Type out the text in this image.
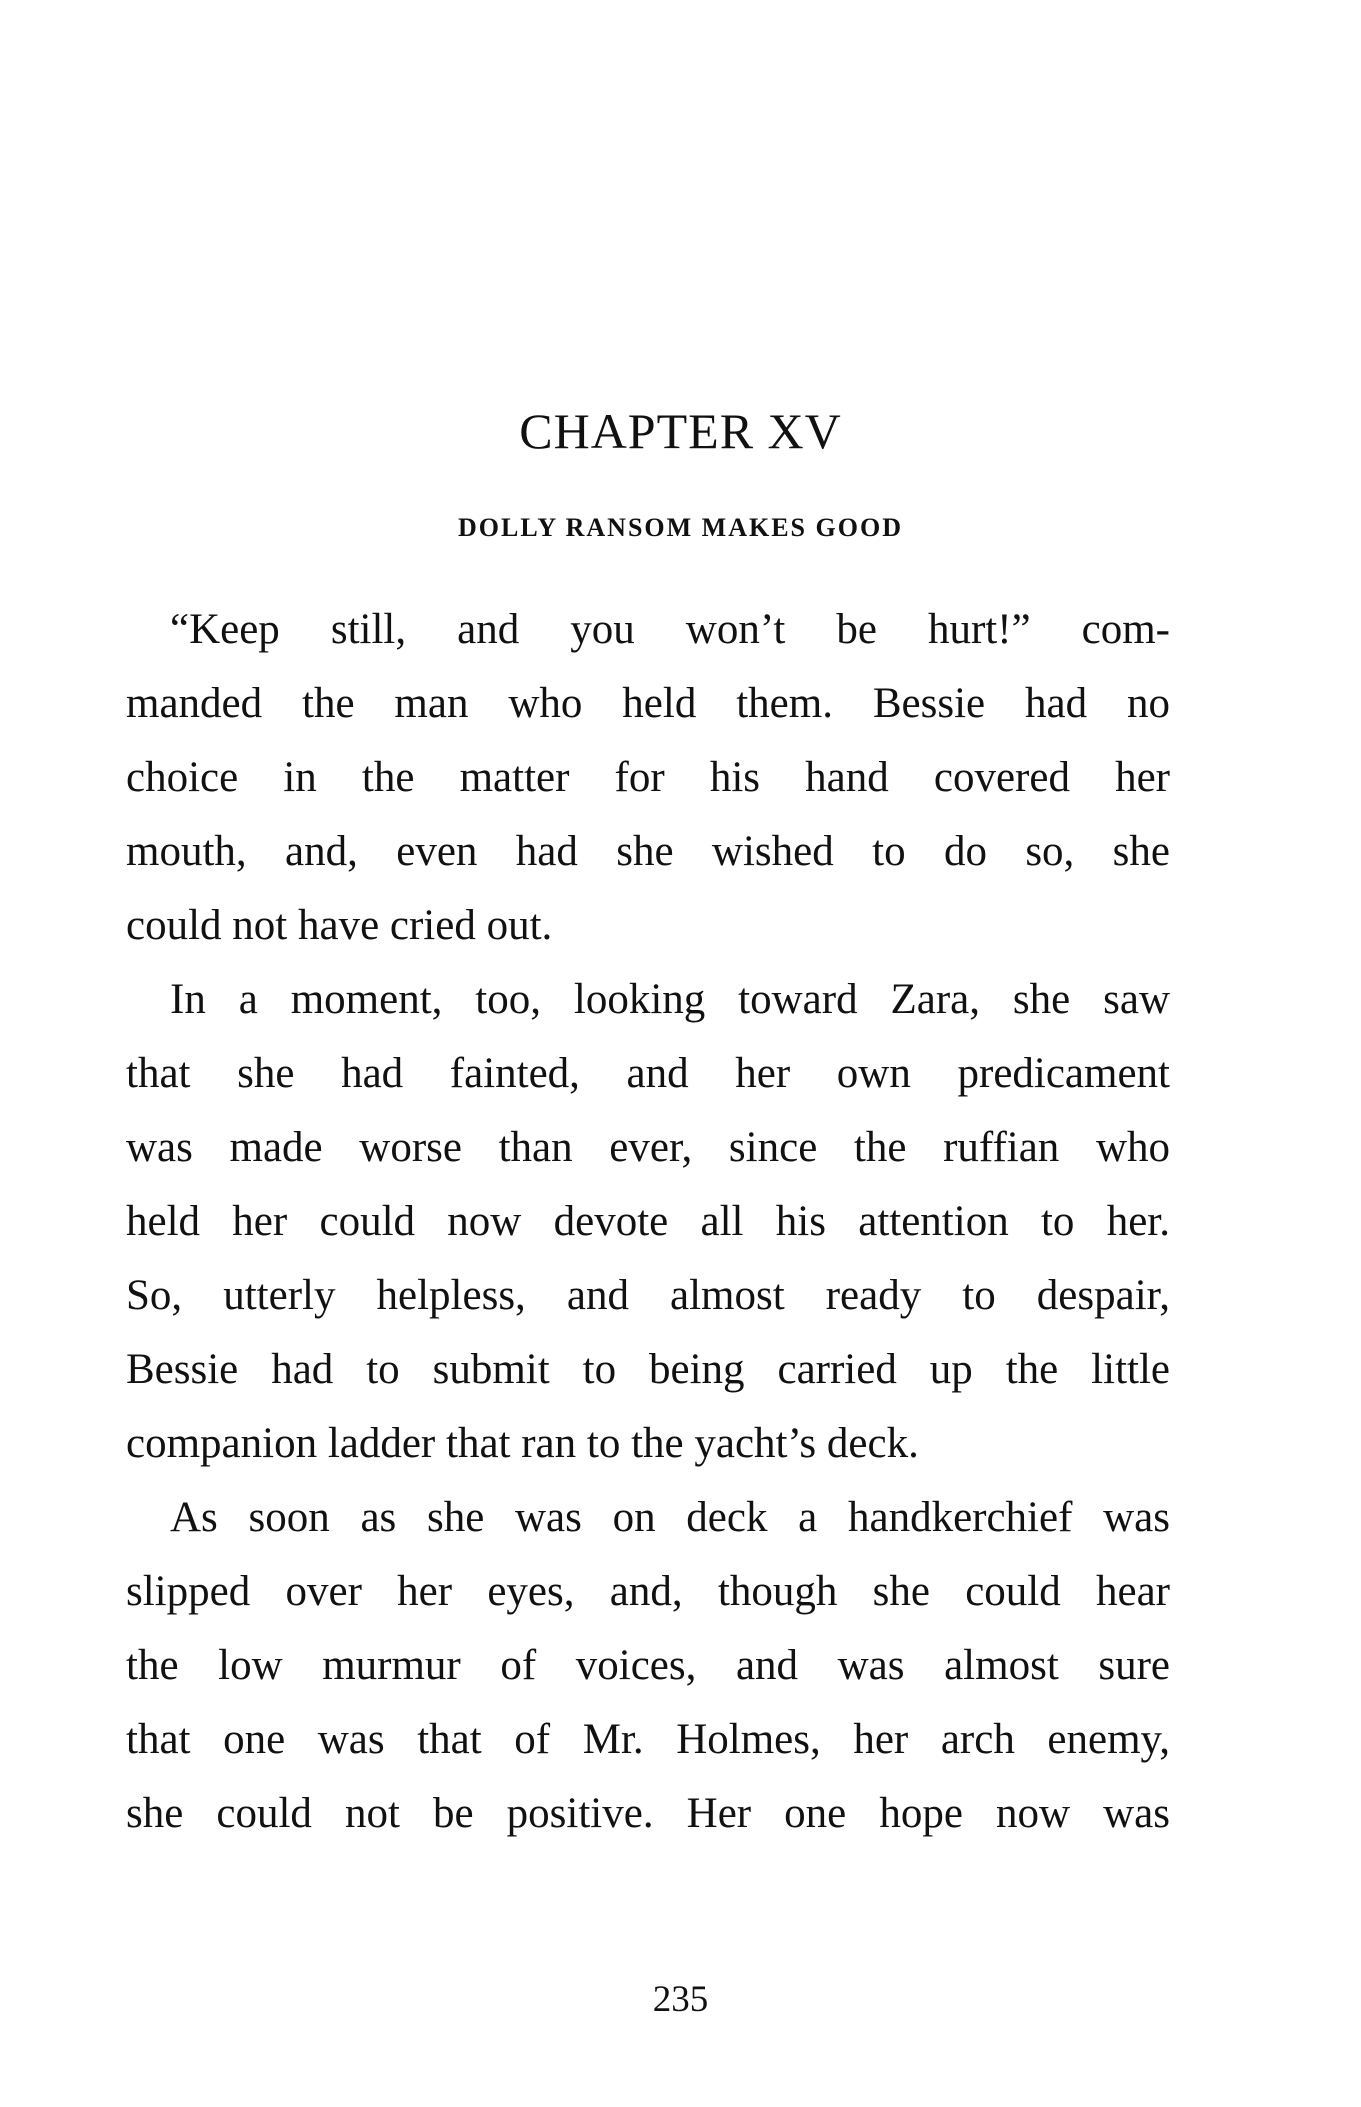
CHAPTER XV
DOLLY RANSOM MAKES GOOD
“Keep still, and you won’t be hurt!” com-
manded the man who held them. Bessie had no
choice in the matter for his hand covered her
mouth, and, even had she wished to do so, she
could not have cried out.
In a moment, too, looking toward Zara, she saw
that she had fainted, and her own predicament
was made worse than ever, since the ruffian who
held her could now devote all his attention to her.
So, utterly helpless, and almost ready to despair,
Bessie had to submit to being carried up the little
companion ladder that ran to the yacht’s deck.
As soon as she was on deck a handkerchief was
slipped over her eyes, and, though she could hear
the low murmur of voices, and was almost sure
that one was that of Mr. Holmes, her arch enemy,
she could not be positive. Her one hope now was
235
